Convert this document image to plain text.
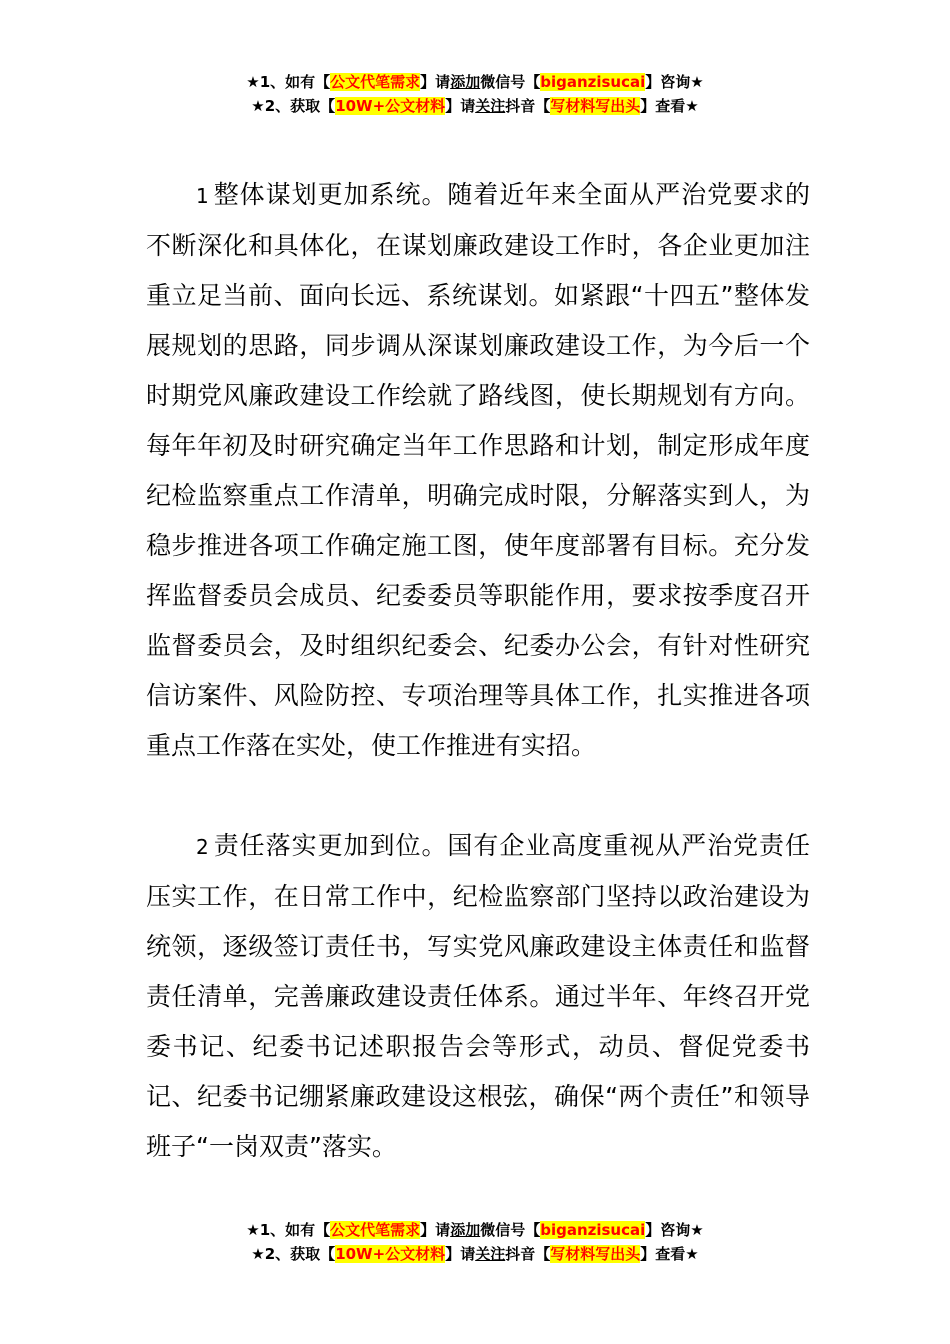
★1、如有【公文代笔需求】请添加微信号【biganzisucai】咨询★
★2、获取【10W+公文材料】请关注抖音【写材料写出头】查看★

1 整体谋划更加系统。随着近年来全面从严治党要求的不断深化和具体化，在谋划廉政建设工作时，各企业更加注重立足当前、面向长远、系统谋划。如紧跟“十四五”整体发展规划的思路，同步调从深谋划廉政建设工作，为今后一个时期党风廉政建设工作绘就了路线图，使长期规划有方向。每年年初及时研究确定当年工作思路和计划，制定形成年度纪检监察重点工作清单，明确完成时限，分解落实到人，为稳步推进各项工作确定施工图，使年度部署有目标。充分发挥监督委员会成员、纪委委员等职能作用，要求按季度召开监督委员会，及时组织纪委会、纪委办公会，有针对性研究信访案件、风险防控、专项治理等具体工作，扎实推进各项重点工作落在实处，使工作推进有实招。

2 责任落实更加到位。国有企业高度重视从严治党责任压实工作，在日常工作中，纪检监察部门坚持以政治建设为统领，逐级签订责任书，写实党风廉政建设主体责任和监督责任清单，完善廉政建设责任体系。通过半年、年终召开党委书记、纪委书记述职报告会等形式，动员、督促党委书记、纪委书记绷紧廉政建设这根弦，确保“两个责任”和领导班子“一岗双责”落实。

★1、如有【公文代笔需求】请添加微信号【biganzisucai】咨询★
★2、获取【10W+公文材料】请关注抖音【写材料写出头】查看★
